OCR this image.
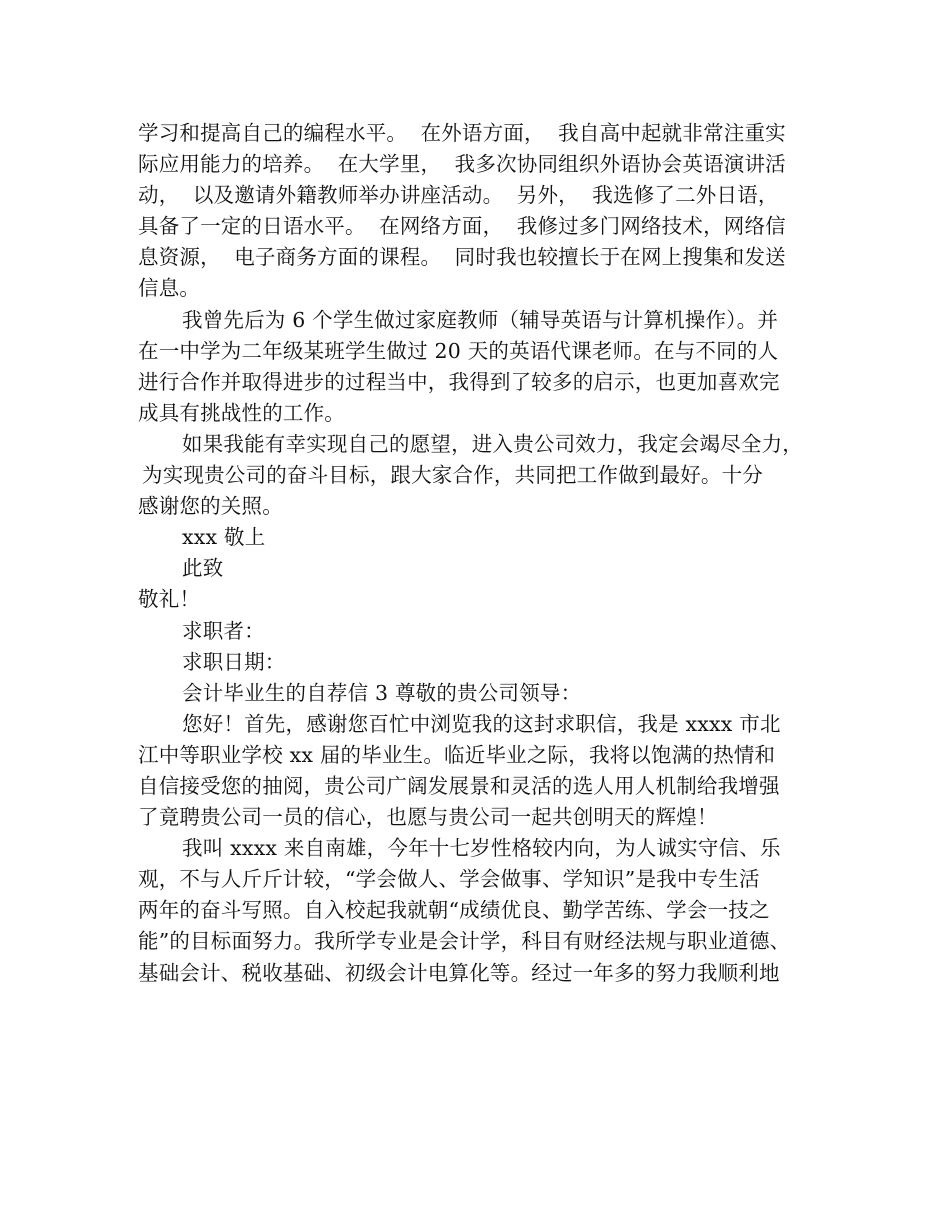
学习和提高自己的编程水平。  在外语方面，  我自高中起就非常注重实
际应用能力的培养。  在大学里，  我多次协同组织外语协会英语演讲活
动，  以及邀请外籍教师举办讲座活动。  另外，  我选修了二外日语，
具备了一定的日语水平。  在网络方面，  我修过多门网络技术，网络信
息资源，  电子商务方面的课程。  同时我也较擅长于在网上搜集和发送
信息。
我曾先后为 6 个学生做过家庭教师（辅导英语与计算机操作）。并
在一中学为二年级某班学生做过 20 天的英语代课老师。在与不同的人
进行合作并取得进步的过程当中，我得到了较多的启示，也更加喜欢完
成具有挑战性的工作。
如果我能有幸实现自己的愿望，进入贵公司效力，我定会竭尽全力，
为实现贵公司的奋斗目标，跟大家合作，共同把工作做到最好。十分
感谢您的关照。
xxx 敬上
此致
敬礼！
求职者：
求职日期：
会计毕业生的自荐信 3 尊敬的贵公司领导：
您好！首先，感谢您百忙中浏览我的这封求职信，我是 xxxx 市北
江中等职业学校 xx 届的毕业生。临近毕业之际，我将以饱满的热情和
自信接受您的抽阅，贵公司广阔发展景和灵活的选人用人机制给我增强
了竟聘贵公司一员的信心，也愿与贵公司一起共创明天的辉煌！
我叫 xxxx 来自南雄，今年十七岁性格较内向，为人诚实守信、乐
观，不与人斤斤计较，“学会做人、学会做事、学知识”是我中专生活
两年的奋斗写照。自入校起我就朝“成绩优良、勤学苦练、学会一技之
能”的目标面努力。我所学专业是会计学，科目有财经法规与职业道德、
基础会计、税收基础、初级会计电算化等。经过一年多的努力我顺利地
